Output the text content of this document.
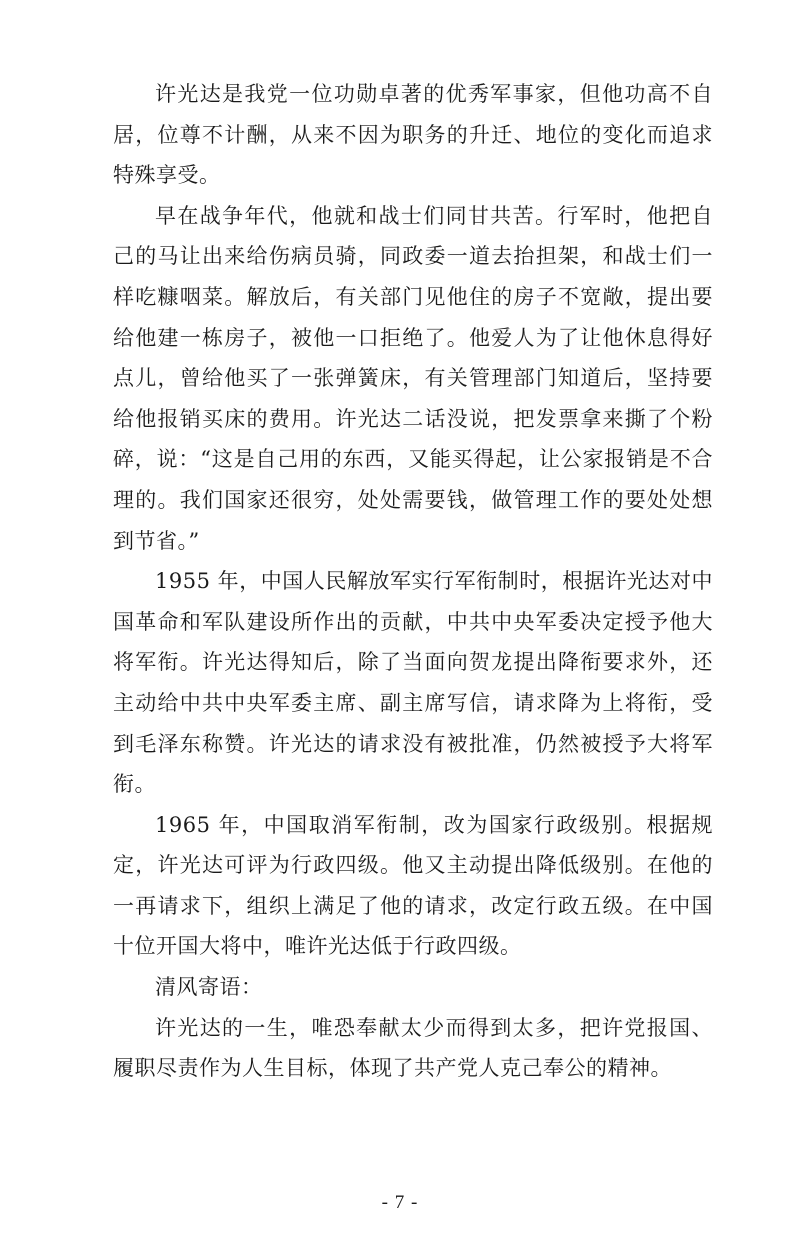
许光达是我党一位功勋卓著的优秀军事家，但他功高不自居，位尊不计酬，从来不因为职务的升迁、地位的变化而追求特殊享受。

早在战争年代，他就和战士们同甘共苦。行军时，他把自己的马让出来给伤病员骑，同政委一道去抬担架，和战士们一样吃糠咽菜。解放后，有关部门见他住的房子不宽敞，提出要给他建一栋房子，被他一口拒绝了。他爱人为了让他休息得好点儿，曾给他买了一张弹簧床，有关管理部门知道后，坚持要给他报销买床的费用。许光达二话没说，把发票拿来撕了个粉碎，说：“这是自己用的东西，又能买得起，让公家报销是不合理的。我们国家还很穷，处处需要钱，做管理工作的要处处想到节省。”

1955 年，中国人民解放军实行军衔制时，根据许光达对中国革命和军队建设所作出的贡献，中共中央军委决定授予他大将军衔。许光达得知后，除了当面向贺龙提出降衔要求外，还主动给中共中央军委主席、副主席写信，请求降为上将衔，受到毛泽东称赞。许光达的请求没有被批准，仍然被授予大将军衔。

1965 年，中国取消军衔制，改为国家行政级别。根据规定，许光达可评为行政四级。他又主动提出降低级别。在他的一再请求下，组织上满足了他的请求，改定行政五级。在中国十位开国大将中，唯许光达低于行政四级。

清风寄语：

许光达的一生，唯恐奉献太少而得到太多，把许党报国、履职尽责作为人生目标，体现了共产党人克己奉公的精神。

- 7 -
